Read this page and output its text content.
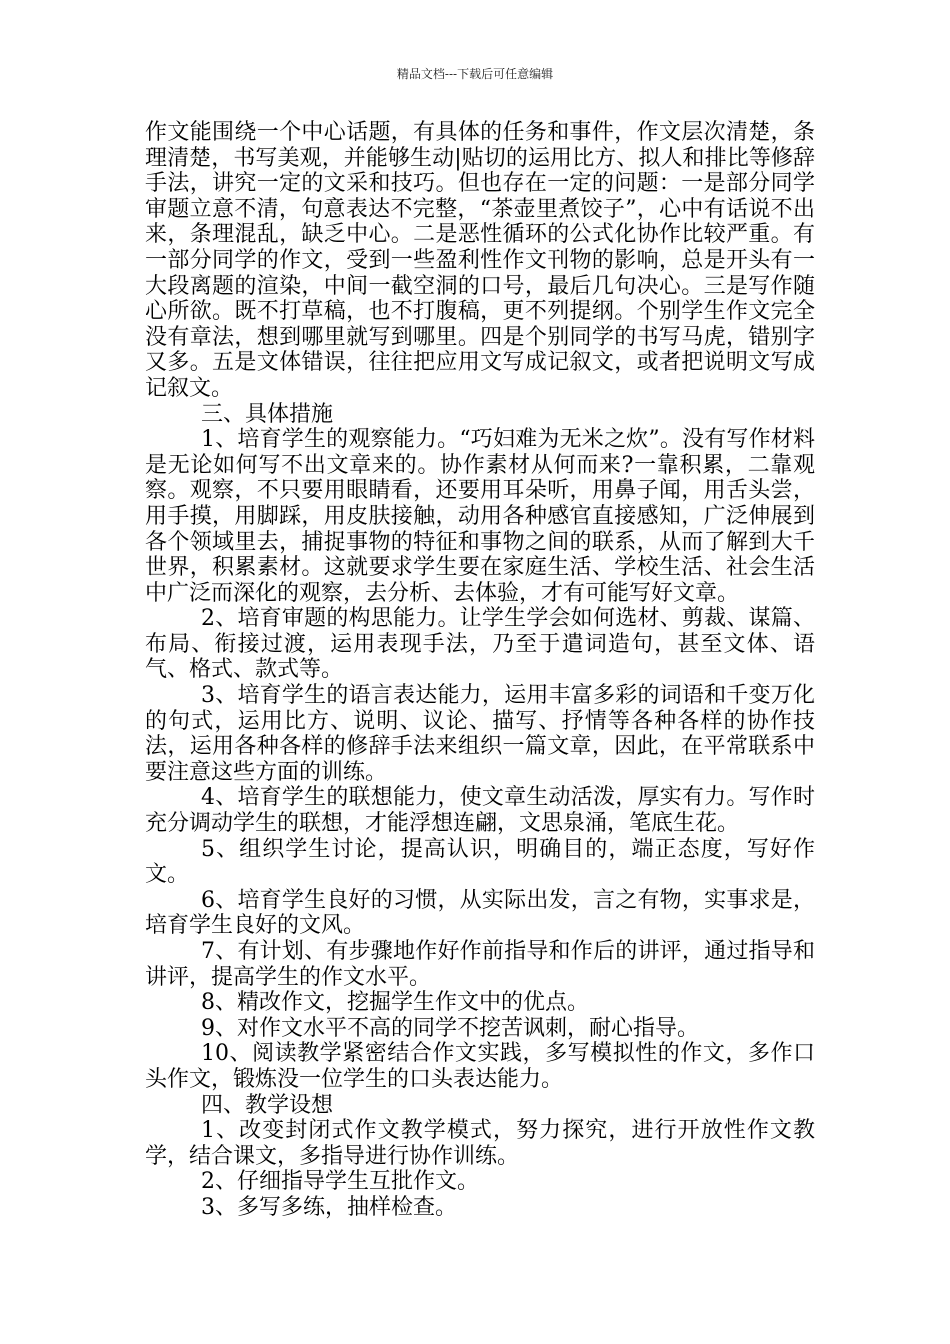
精品文档---下载后可任意编辑

作文能围绕一个中心话题，有具体的任务和事件，作文层次清楚，条理清楚，书写美观，并能够生动|贴切的运用比方、拟人和排比等修辞手法，讲究一定的文采和技巧。但也存在一定的问题：一是部分同学审题立意不清，句意表达不完整，“茶壶里煮饺子”，心中有话说不出来，条理混乱，缺乏中心。二是恶性循环的公式化协作比较严重。有一部分同学的作文，受到一些盈利性作文刊物的影响，总是开头有一大段离题的渲染，中间一截空洞的口号，最后几句决心。三是写作随心所欲。既不打草稿，也不打腹稿，更不列提纲。个别学生作文完全没有章法，想到哪里就写到哪里。四是个别同学的书写马虎，错别字又多。五是文体错误，往往把应用文写成记叙文，或者把说明文写成记叙文。

三、具体措施

1、培育学生的观察能力。“巧妇难为无米之炊”。没有写作材料是无论如何写不出文章来的。协作素材从何而来?一靠积累，二靠观察。观察，不只要用眼睛看，还要用耳朵听，用鼻子闻，用舌头尝，用手摸，用脚踩，用皮肤接触，动用各种感官直接感知，广泛伸展到各个领域里去，捕捉事物的特征和事物之间的联系，从而了解到大千世界，积累素材。这就要求学生要在家庭生活、学校生活、社会生活中广泛而深化的观察，去分析、去体验，才有可能写好文章。

2、培育审题的构思能力。让学生学会如何选材、剪裁、谋篇、布局、衔接过渡，运用表现手法，乃至于遣词造句，甚至文体、语气、格式、款式等。

3、培育学生的语言表达能力，运用丰富多彩的词语和千变万化的句式，运用比方、说明、议论、描写、抒情等各种各样的协作技法，运用各种各样的修辞手法来组织一篇文章，因此，在平常联系中要注意这些方面的训练。

4、培育学生的联想能力，使文章生动活泼，厚实有力。写作时充分调动学生的联想，才能浮想连翩，文思泉涌，笔底生花。

5、组织学生讨论，提高认识，明确目的，端正态度，写好作文。

6、培育学生良好的习惯，从实际出发，言之有物，实事求是，培育学生良好的文风。

7、有计划、有步骤地作好作前指导和作后的讲评，通过指导和讲评，提高学生的作文水平。

8、精改作文，挖掘学生作文中的优点。

9、对作文水平不高的同学不挖苦讽刺，耐心指导。

10、阅读教学紧密结合作文实践，多写模拟性的作文，多作口头作文，锻炼没一位学生的口头表达能力。

四、教学设想

1、改变封闭式作文教学模式，努力探究，进行开放性作文教学，结合课文，多指导进行协作训练。

2、仔细指导学生互批作文。

3、多写多练，抽样检查。
